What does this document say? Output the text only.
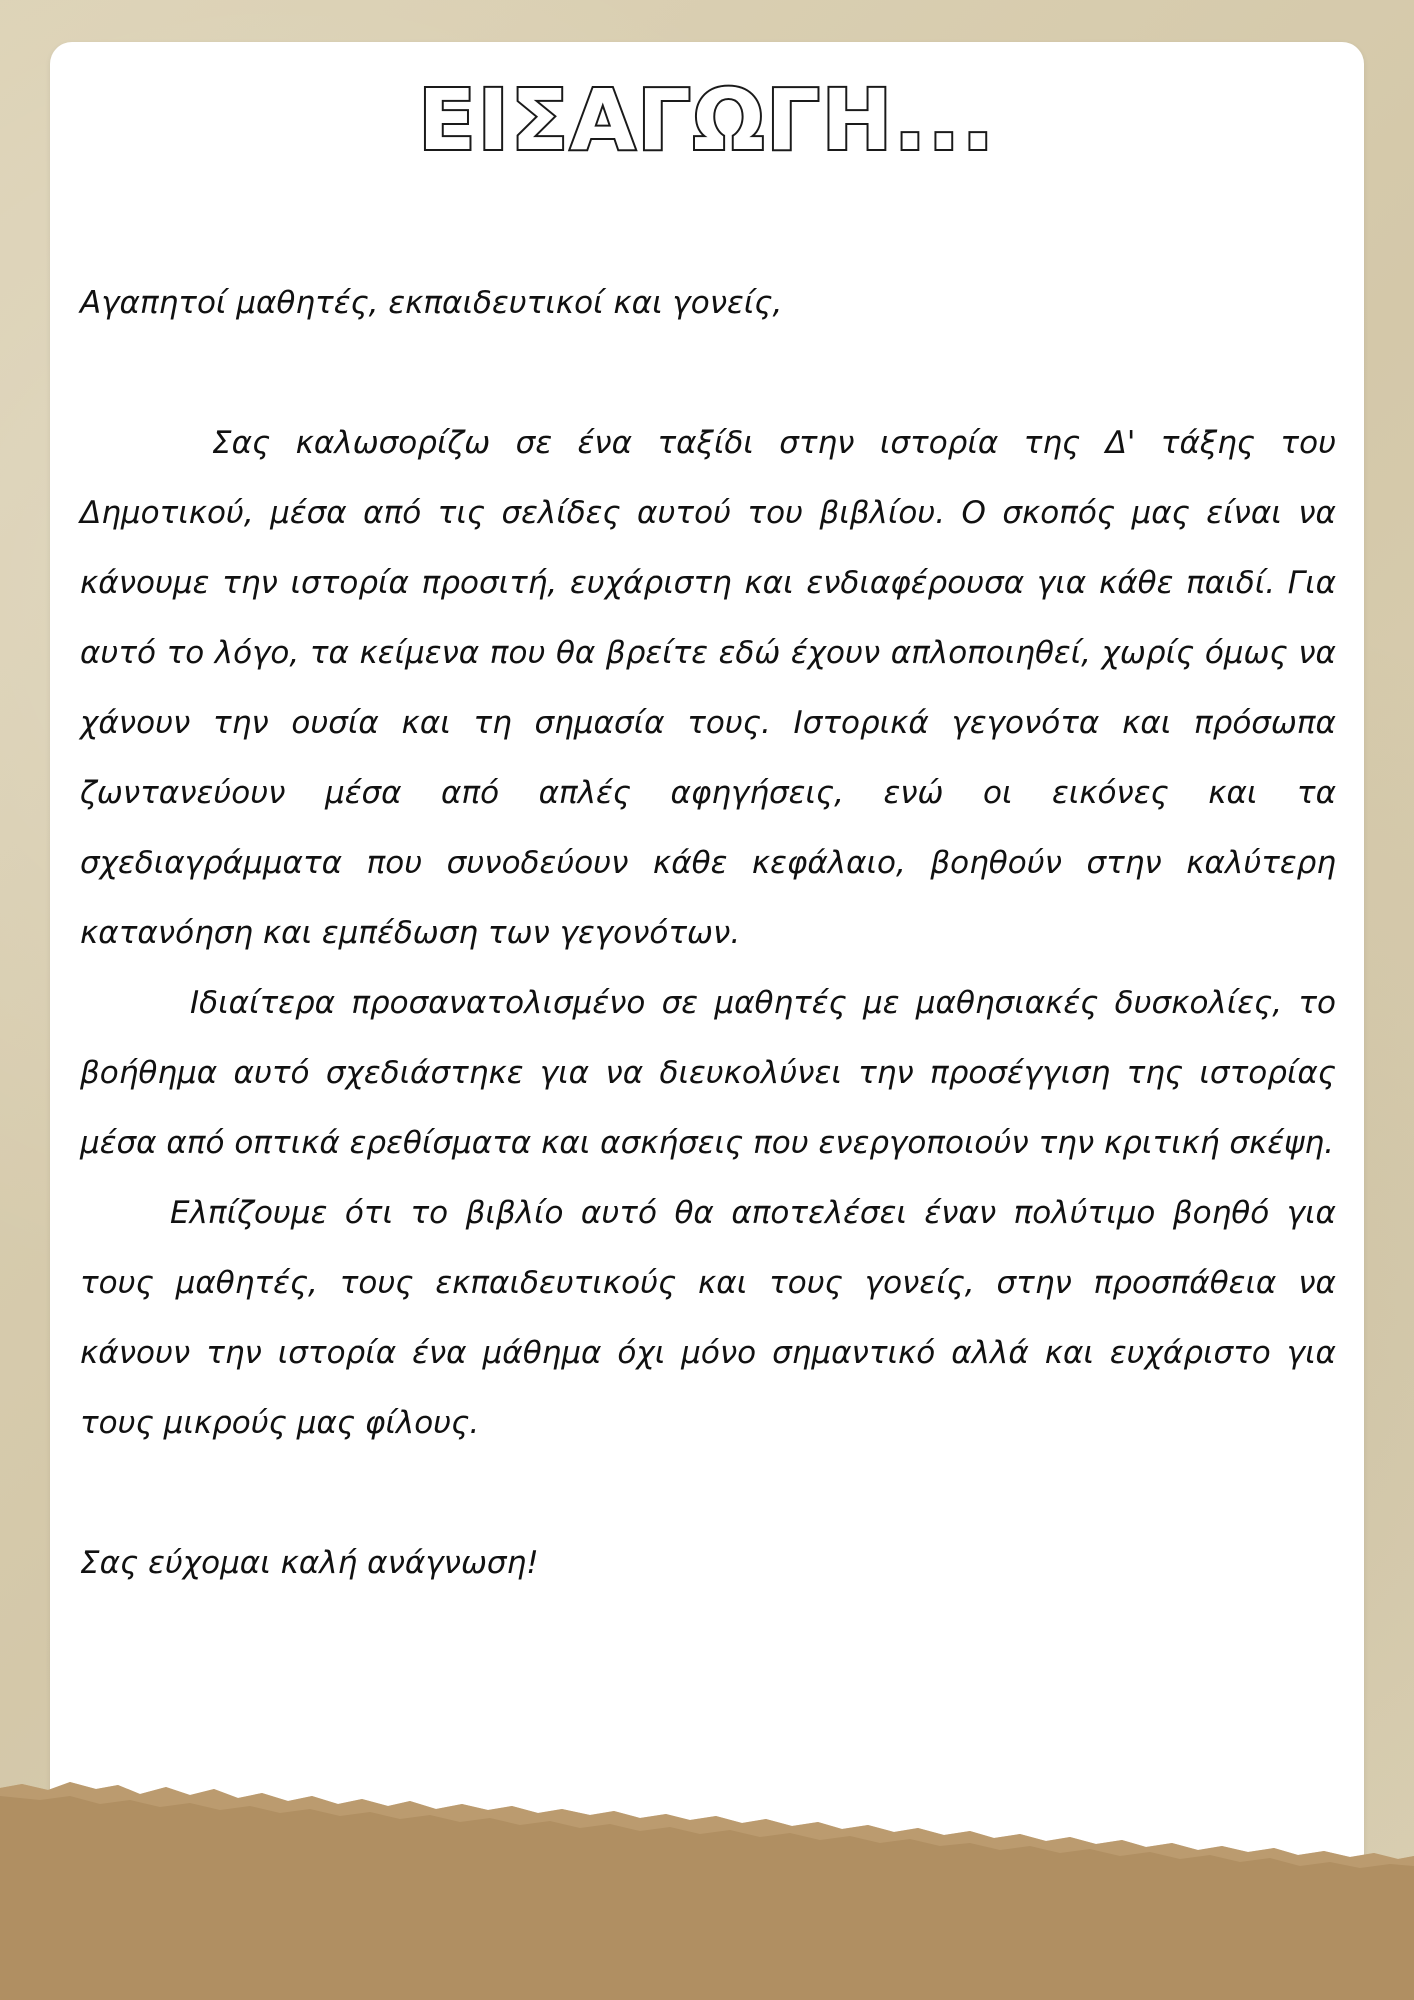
ΕΙΣΑΓΩΓΗ...

Αγαπητοί μαθητές, εκπαιδευτικοί και γονείς,

Σας καλωσορίζω σε ένα ταξίδι στην ιστορία της Δ' τάξης του Δημοτικού, μέσα από τις σελίδες αυτού του βιβλίου. Ο σκοπός μας είναι να κάνουμε την ιστορία προσιτή, ευχάριστη και ενδιαφέρουσα για κάθε παιδί. Για αυτό το λόγο, τα κείμενα που θα βρείτε εδώ έχουν απλοποιηθεί, χωρίς όμως να χάνουν την ουσία και τη σημασία τους. Ιστορικά γεγονότα και πρόσωπα ζωντανεύουν μέσα από απλές αφηγήσεις, ενώ οι εικόνες και τα σχεδιαγράμματα που συνοδεύουν κάθε κεφάλαιο, βοηθούν στην καλύτερη κατανόηση και εμπέδωση των γεγονότων.

Ιδιαίτερα προσανατολισμένο σε μαθητές με μαθησιακές δυσκολίες, το βοήθημα αυτό σχεδιάστηκε για να διευκολύνει την προσέγγιση της ιστορίας μέσα από οπτικά ερεθίσματα και ασκήσεις που ενεργοποιούν την κριτική σκέψη.

Ελπίζουμε ότι το βιβλίο αυτό θα αποτελέσει έναν πολύτιμο βοηθό για τους μαθητές, τους εκπαιδευτικούς και τους γονείς, στην προσπάθεια να κάνουν την ιστορία ένα μάθημα όχι μόνο σημαντικό αλλά και ευχάριστο για τους μικρούς μας φίλους.

Σας εύχομαι καλή ανάγνωση!
